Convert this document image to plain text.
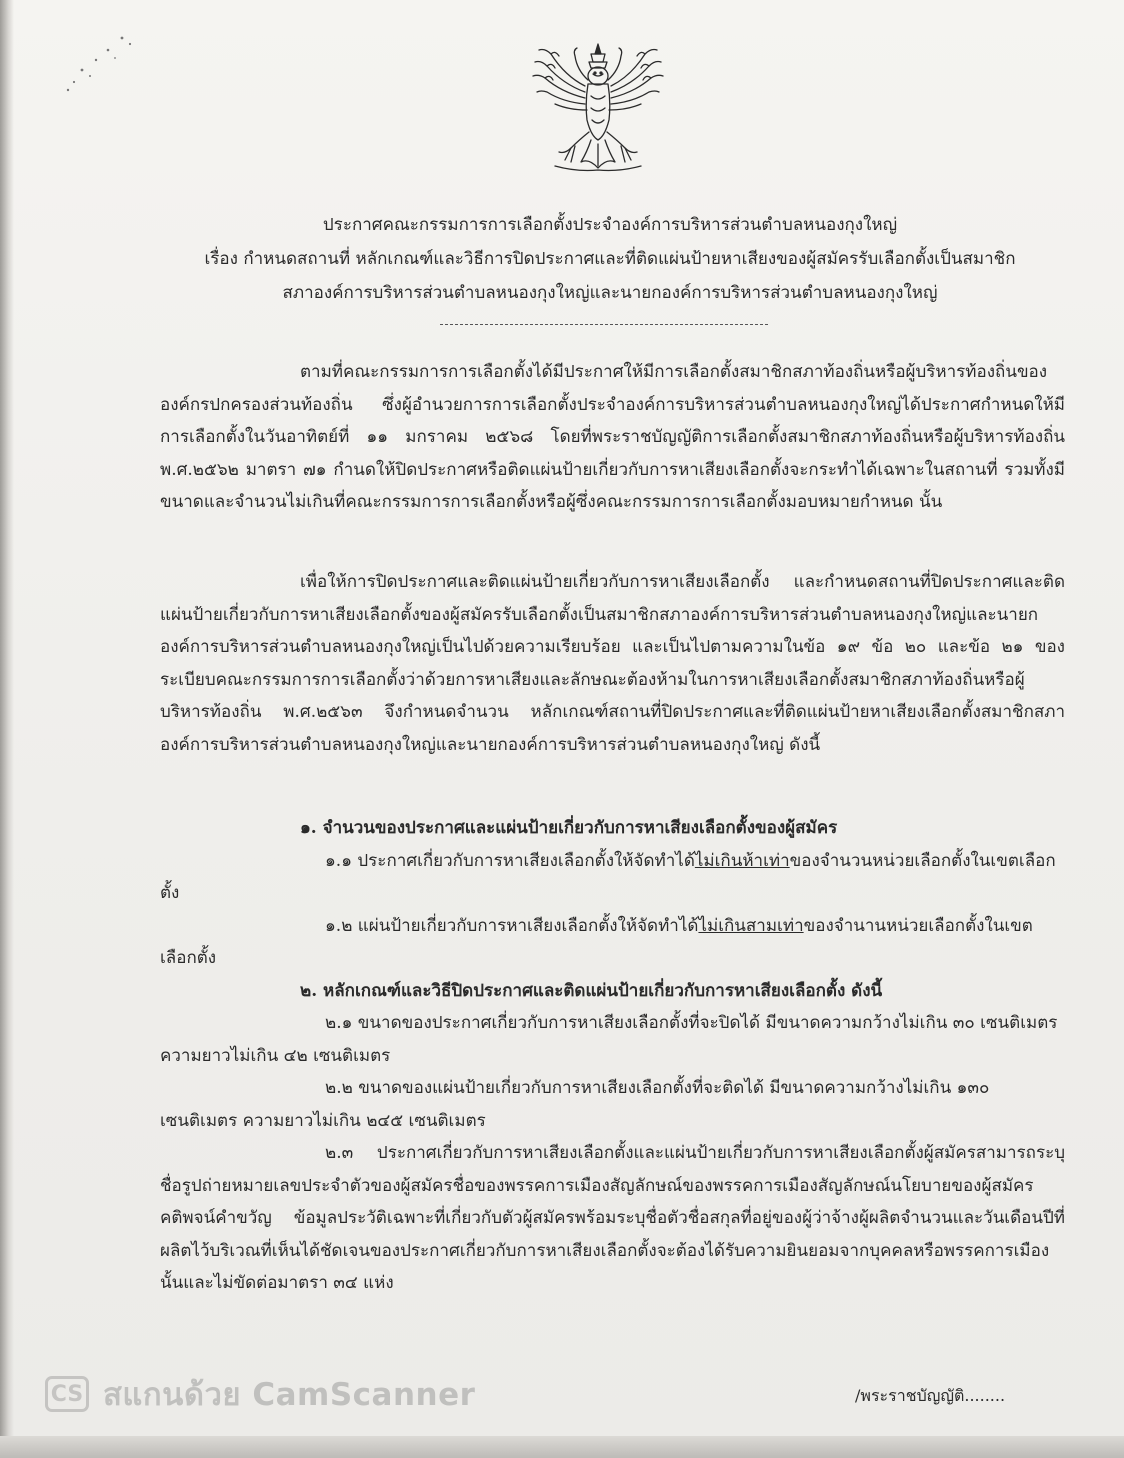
ประกาศคณะกรรมการการเลือกตั้งประจำองค์การบริหารส่วนตำบลหนองกุงใหญ่
เรื่อง กำหนดสถานที่ หลักเกณฑ์และวิธีการปิดประกาศและที่ติดแผ่นป้ายหาเสียงของผู้สมัครรับเลือกตั้งเป็นสมาชิก
สภาองค์การบริหารส่วนตำบลหนองกุงใหญ่และนายกองค์การบริหารส่วนตำบลหนองกุงใหญ่

ตามที่คณะกรรมการการเลือกตั้งได้มีประกาศให้มีการเลือกตั้งสมาชิกสภาท้องถิ่นหรือผู้บริหารท้องถิ่นขององค์กรปกครองส่วนท้องถิ่น ซึ่งผู้อำนวยการการเลือกตั้งประจำองค์การบริหารส่วนตำบลหนองกุงใหญ่ได้ประกาศกำหนดให้มีการเลือกตั้งในวันอาทิตย์ที่ ๑๑ มกราคม ๒๕๖๘ โดยที่พระราชบัญญัติการเลือกตั้งสมาชิกสภาท้องถิ่นหรือผู้บริหารท้องถิ่น พ.ศ.๒๕๖๒ มาตรา ๗๑ กำนดให้ปิดประกาศหรือติดแผ่นป้ายเกี่ยวกับการหาเสียงเลือกตั้งจะกระทำได้เฉพาะในสถานที่ รวมทั้งมีขนาดและจำนวนไม่เกินที่คณะกรรมการการเลือกตั้งหรือผู้ซึ่งคณะกรรมการการเลือกตั้งมอบหมายกำหนด นั้น

เพื่อให้การปิดประกาศและติดแผ่นป้ายเกี่ยวกับการหาเสียงเลือกตั้ง และกำหนดสถานที่ปิดประกาศและติดแผ่นป้ายเกี่ยวกับการหาเสียงเลือกตั้งของผู้สมัครรับเลือกตั้งเป็นสมาชิกสภาองค์การบริหารส่วนตำบลหนองกุงใหญ่และนายกองค์การบริหารส่วนตำบลหนองกุงใหญ่เป็นไปด้วยความเรียบร้อย และเป็นไปตามความในข้อ ๑๙ ข้อ ๒๐ และข้อ ๒๑ ของระเบียบคณะกรรมการการเลือกตั้งว่าด้วยการหาเสียงและลักษณะต้องห้ามในการหาเสียงเลือกตั้งสมาชิกสภาท้องถิ่นหรือผู้บริหารท้องถิ่น พ.ศ.๒๕๖๓ จึงกำหนดจำนวน หลักเกณฑ์สถานที่ปิดประกาศและที่ติดแผ่นป้ายหาเสียงเลือกตั้งสมาชิกสภาองค์การบริหารส่วนตำบลหนองกุงใหญ่และนายกองค์การบริหารส่วนตำบลหนองกุงใหญ่ ดังนี้

๑. จำนวนของประกาศและแผ่นป้ายเกี่ยวกับการหาเสียงเลือกตั้งของผู้สมัคร

๑.๑ ประกาศเกี่ยวกับการหาเสียงเลือกตั้งให้จัดทำได้ไม่เกินห้าเท่าของจำนวนหน่วยเลือกตั้งในเขตเลือกตั้ง

๑.๒ แผ่นป้ายเกี่ยวกับการหาเสียงเลือกตั้งให้จัดทำได้ไม่เกินสามเท่าของจำนานหน่วยเลือกตั้งในเขตเลือกตั้ง

๒. หลักเกณฑ์และวิธีปิดประกาศและติดแผ่นป้ายเกี่ยวกับการหาเสียงเลือกตั้ง ดังนี้

๒.๑ ขนาดของประกาศเกี่ยวกับการหาเสียงเลือกตั้งที่จะปิดได้ มีขนาดความกว้างไม่เกิน ๓๐ เซนติเมตร ความยาวไม่เกิน ๔๒ เซนติเมตร

๒.๒ ขนาดของแผ่นป้ายเกี่ยวกับการหาเสียงเลือกตั้งที่จะติดได้ มีขนาดความกว้างไม่เกิน ๑๓๐ เซนติเมตร ความยาวไม่เกิน ๒๔๕ เซนติเมตร

๒.๓ ประกาศเกี่ยวกับการหาเสียงเลือกตั้งและแผ่นป้ายเกี่ยวกับการหาเสียงเลือกตั้งผู้สมัครสามารถระบุชื่อรูปถ่ายหมายเลขประจำตัวของผู้สมัครชื่อของพรรคการเมืองสัญลักษณ์ของพรรคการเมืองสัญลักษณ์นโยบายของผู้สมัคร คติพจน์คำขวัญ ข้อมูลประวัติเฉพาะที่เกี่ยวกับตัวผู้สมัครพร้อมระบุชื่อตัวชื่อสกุลที่อยู่ของผู้ว่าจ้างผู้ผลิตจำนวนและวันเดือนปีที่ผลิตไว้บริเวณที่เห็นได้ชัดเจนของประกาศเกี่ยวกับการหาเสียงเลือกตั้งจะต้องได้รับความยินยอมจากบุคคลหรือพรรคการเมืองนั้นและไม่ขัดต่อมาตรา ๓๔ แห่ง

CS สแกนด้วย CamScanner	/พระราชบัญญัติ........
